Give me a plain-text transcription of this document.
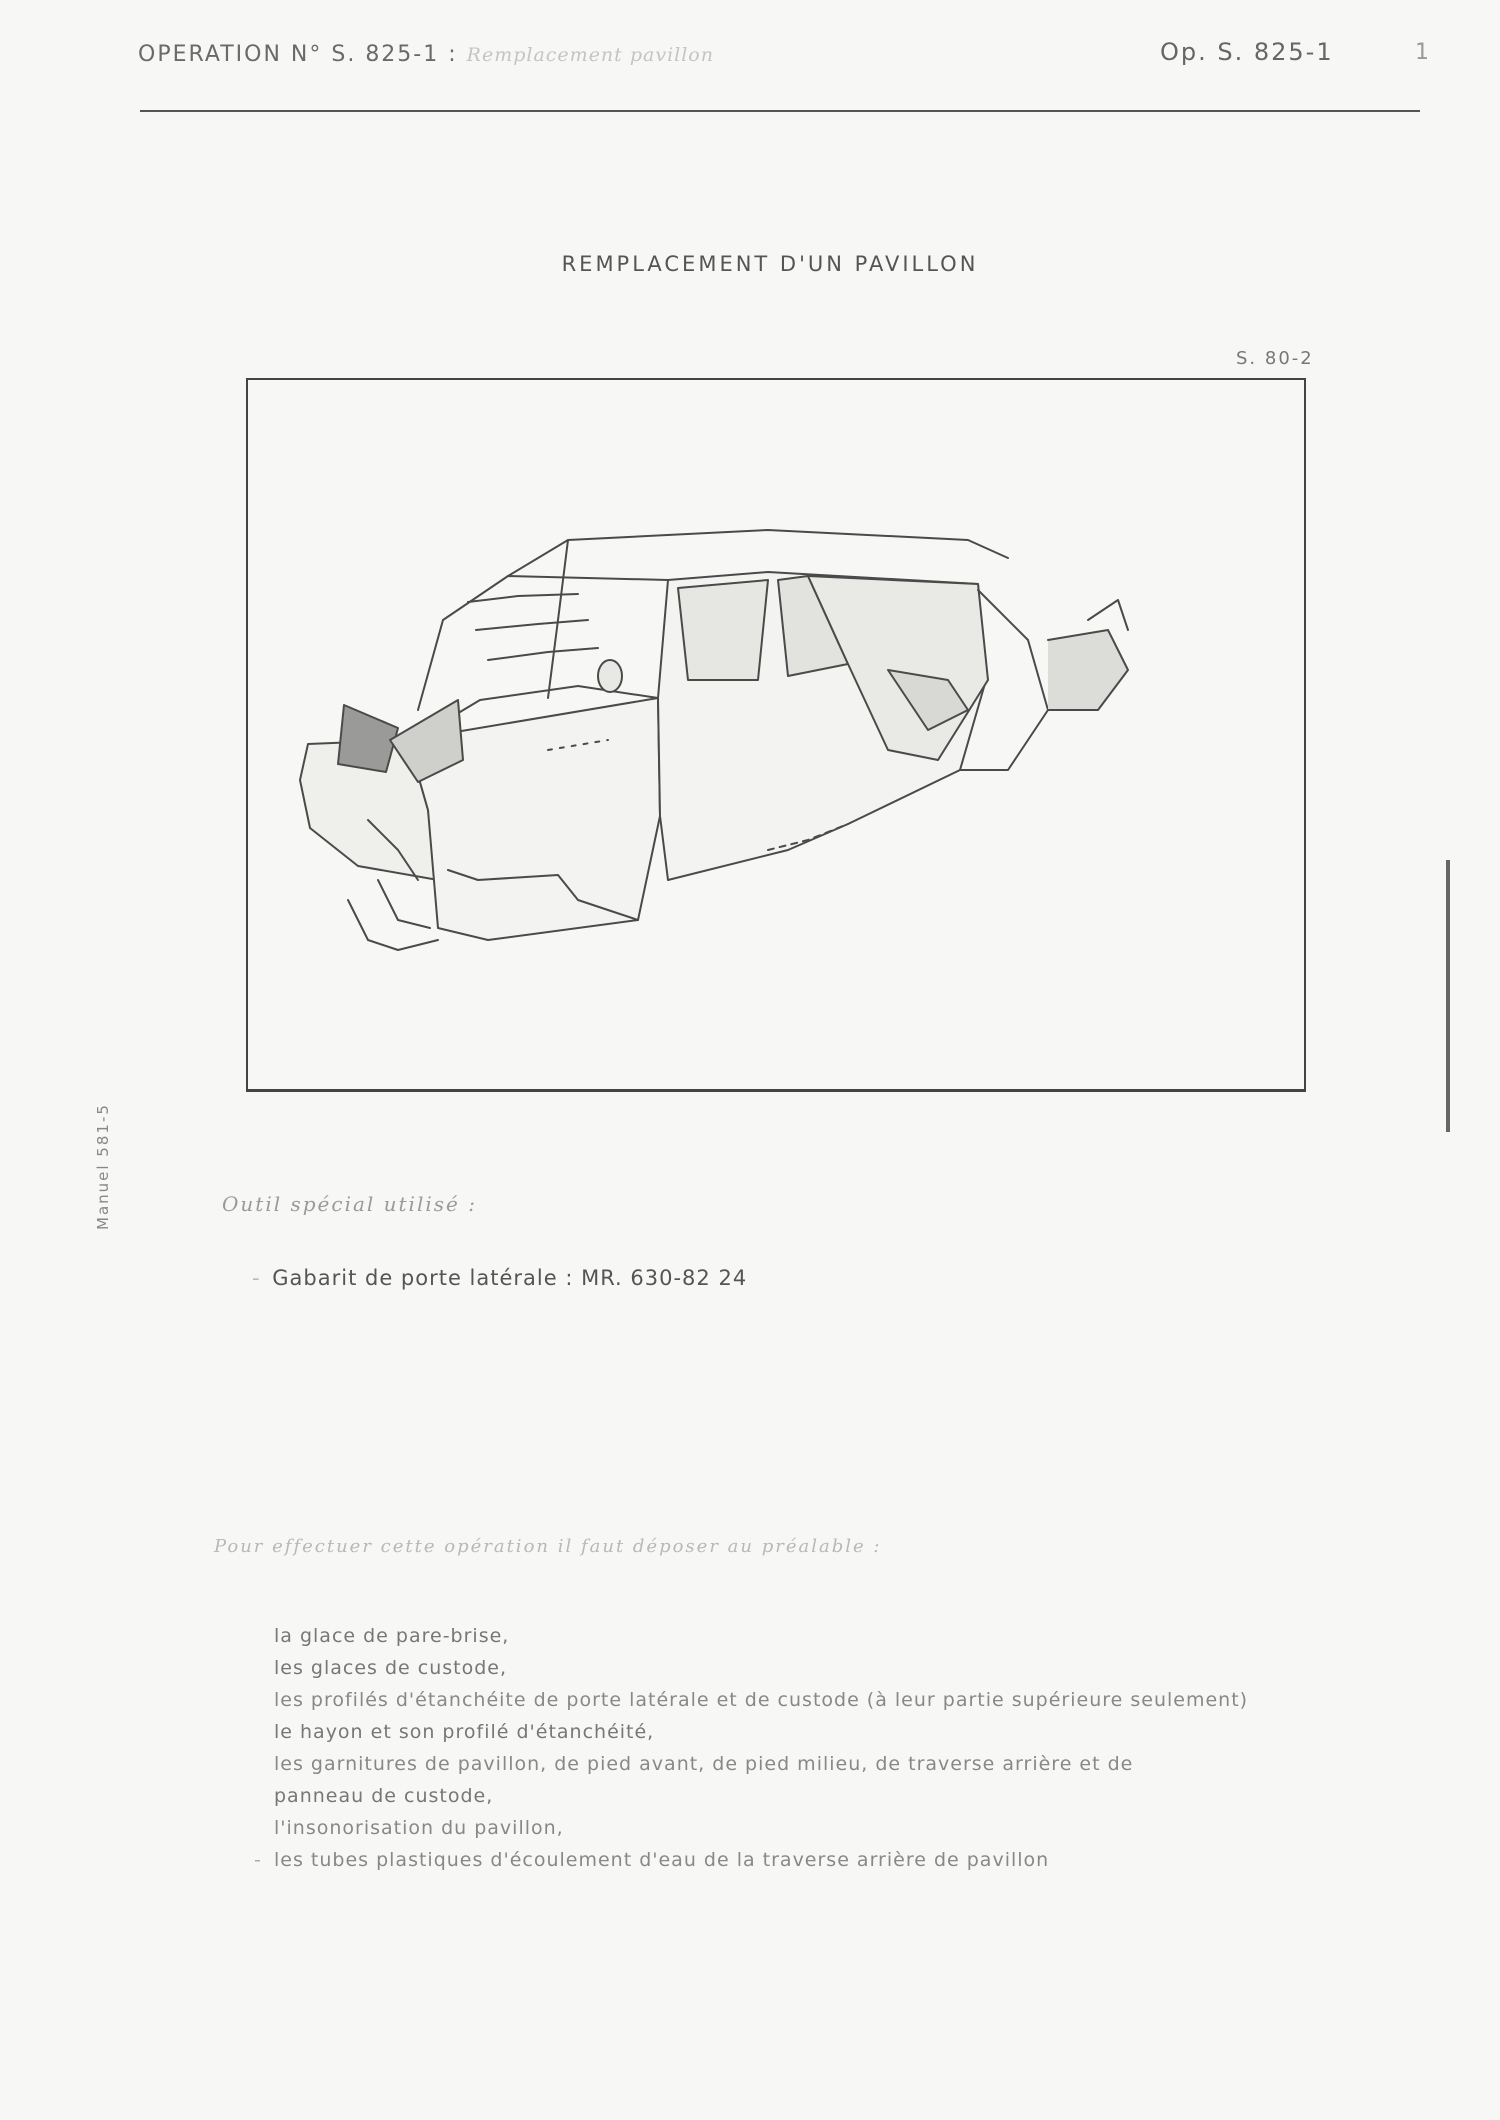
OPERATION N° S. 825-1 : Remplacement pavillon	Op. S. 825-1	1
REMPLACEMENT D'UN PAVILLON
S. 80-2
Manuel 581-5	Outil spécial utilisé :
- Gabarit de porte latérale : MR. 630-82 24
Pour effectuer cette opération il faut déposer au préalable :
la glace de pare-brise,
les glaces de custode,
les profilés d'étanchéite de porte latérale et de custode (à leur partie supérieure seulement)
le hayon et son profilé d'étanchéité,
les garnitures de pavillon, de pied avant, de pied milieu, de traverse arrière et de
panneau de custode,
l'insonorisation du pavillon,
- les tubes plastiques d'écoulement d'eau de la traverse arrière de pavillon
